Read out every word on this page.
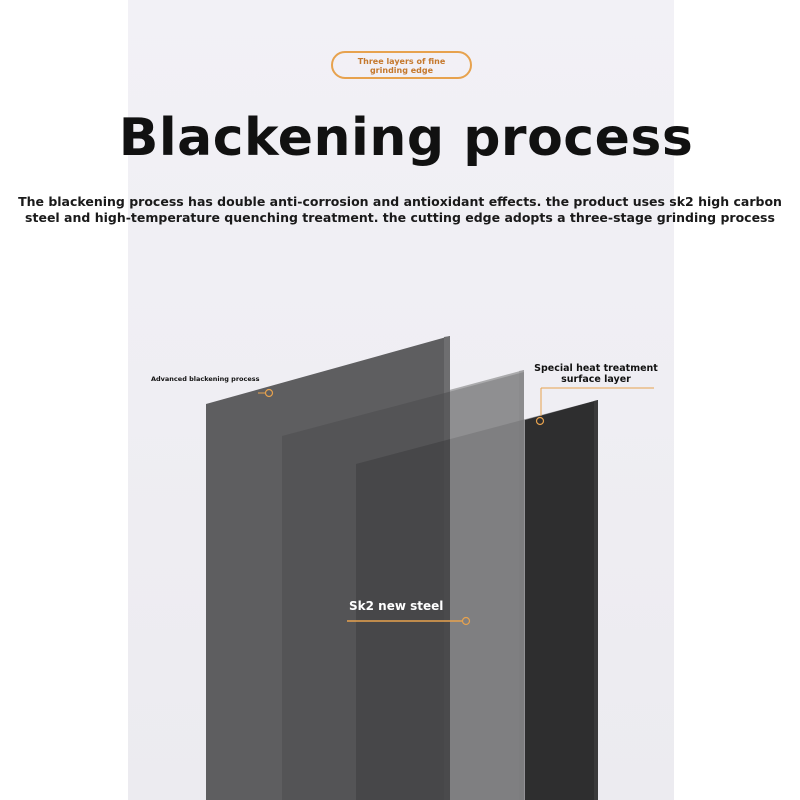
Three layers of fine
grinding edge
Blackening process

The blackening process has double anti-corrosion and antioxidant effects. the product uses sk2 high carbon
steel and high-temperature quenching treatment. the cutting edge adopts a three-stage grinding process

Advanced blackening process
Special heat treatment
surface layer
Sk2 new steel
